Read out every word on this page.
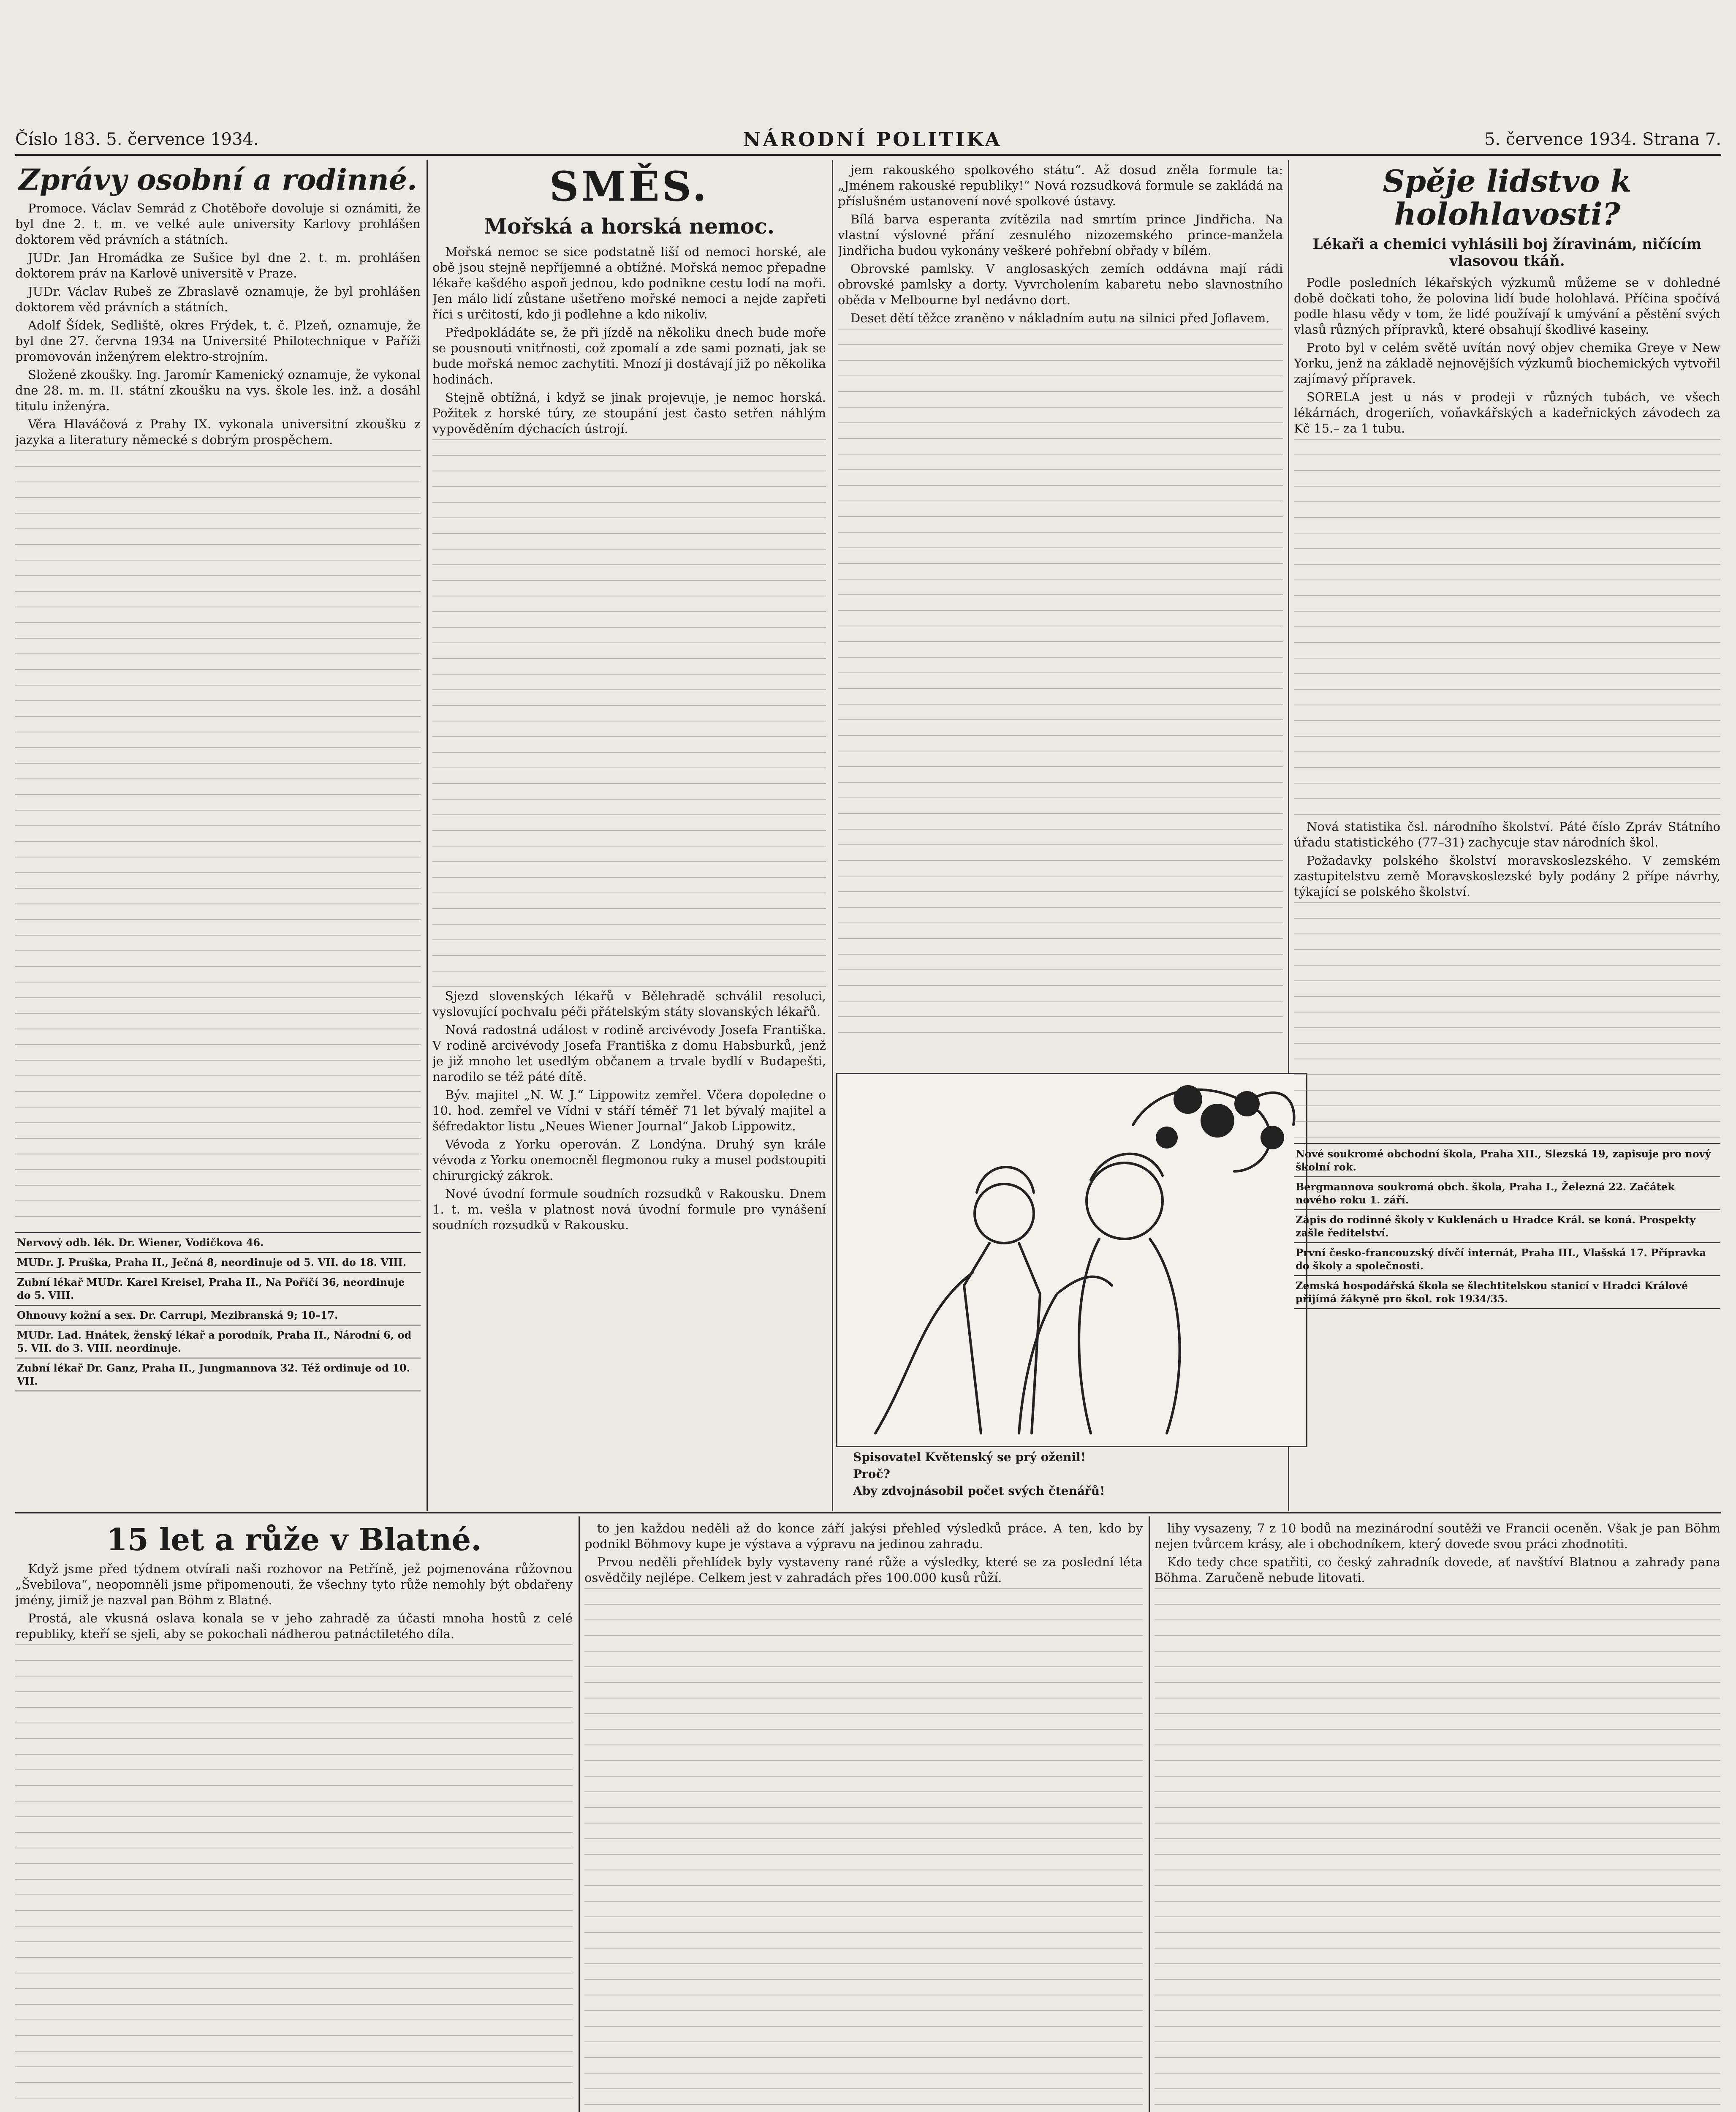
Číslo 183. 5. července 1934.	NÁRODNÍ POLITIKA	5. července 1934. Strana 7.
Zprávy osobní a rodinné.

Promoce. Václav Semrád z Chotěboře dovoluje si oznámiti, že byl dne 2. t. m. ve velké aule university Karlovy prohlášen doktorem věd právních a státních.

JUDr. Jan Hromádka ze Sušice byl dne 2. t. m. prohlášen doktorem práv na Karlově universitě v Praze.

JUDr. Václav Rubeš ze Zbraslavě oznamuje, že byl prohlášen doktorem věd právních a státních.

Adolf Šídek, Sedliště, okres Frýdek, t. č. Plzeň, oznamuje, že byl dne 27. června 1934 na Université Philotechnique v Paříži promovován inženýrem elektro-strojním.

Složené zkoušky. Ing. Jaromír Kamenický oznamuje, že vykonal dne 28. m. m. II. státní zkoušku na vys. škole les. inž. a dosáhl titulu inženýra.

Věra Hlaváčová z Prahy IX. vykonala universitní zkoušku z jazyka a literatury německé s dobrým prospěchem.

Nervový odb. lék. Dr. Wiener, Vodičkova 46.
MUDr. J. Pruška, Praha II., Ječná 8, neordinuje od 5. VII. do 18. VIII.
Zubní lékař MUDr. Karel Kreisel, Praha II., Na Poříčí 36, neordinuje do 5. VIII.
Ohnouvy kožní a sex. Dr. Carrupi, Mezibranská 9; 10–17.
MUDr. Lad. Hnátek, ženský lékař a porodník, Praha II., Národní 6, od 5. VII. do 3. VIII. neordinuje.
Zubní lékař Dr. Ganz, Praha II., Jungmannova 32. Též ordinuje od 10. VII.
SMĚS.
Mořská a horská nemoc.

Mořská nemoc se sice podstatně liší od nemoci horské, ale obě jsou stejně nepříjemné a obtížné. Mořská nemoc přepadne lékaře kašdého aspoň jednou, kdo podnikne cestu lodí na moři. Jen málo lidí zůstane ušetřeno mořské nemoci a nejde zapřeti říci s určitostí, kdo ji podlehne a kdo nikoliv.

Předpokládáte se, že při jízdě na několiku dnech bude moře se pousnouti vnitřnosti, což zpomalí a zde sami poznati, jak se bude mořská nemoc zachytiti. Mnozí ji dostávají již po několika hodinách.

Stejně obtížná, i když se jinak projevuje, je nemoc horská. Požitek z horské túry, ze stoupání jest často setřen náhlým vypověděním dýchacích ústrojí.

Sjezd slovenských lékařů v Bělehradě schválil resoluci, vyslovující pochvalu péči přátelským státy slovanských lékařů.

Nová radostná událost v rodině arcivévody Josefa Františka. V rodině arcivévody Josefa Františka z domu Habsburků, jenž je již mnoho let usedlým občanem a trvale bydlí v Budapešti, narodilo se též páté dítě.

Býv. majitel „N. W. J.“ Lippowitz zemřel. Včera dopoledne o 10. hod. zemřel ve Vídni v stáří téměř 71 let bývalý majitel a šéfredaktor listu „Neues Wiener Journal“ Jakob Lippowitz.

Vévoda z Yorku operován. Z Londýna. Druhý syn krále vévoda z Yorku onemocněl flegmonou ruky a musel podstoupiti chirurgický zákrok.

Nové úvodní formule soudních rozsudků v Rakousku. Dnem 1. t. m. vešla v platnost nová úvodní formule pro vynášení soudních rozsudků v Rakousku.

jem rakouského spolkového státu“. Až dosud zněla formule ta: „Jménem rakouské republiky!“ Nová rozsudková formule se zakládá na příslušném ustanovení nové spolkové ústavy.

Bílá barva esperanta zvítězila nad smrtím prince Jindřicha. Na vlastní výslovné přání zesnulého nizozemského prince-manžela Jindřicha budou vykonány veškeré pohřební obřady v bílém.

Obrovské pamlsky. V anglosaských zemích oddávna mají rádi obrovské pamlsky a dorty. Vyvrcholením kabaretu nebo slavnostního oběda v Melbourne byl nedávno dort.

Deset dětí těžce zraněno v nákladním autu na silnici před Joflavem.

Spisovatel Květenský se prý oženil!
Proč?
Aby zdvojnásobil počet svých čtenářů!
Spěje lidstvo k holohlavosti?
Lékaři a chemici vyhlásili boj žíravinám, ničícím vlasovou tkáň.

Podle posledních lékařských výzkumů můžeme se v dohledné době dočkati toho, že polovina lidí bude holohlavá. Příčina spočívá podle hlasu vědy v tom, že lidé používají k umývání a pěstění svých vlasů různých přípravků, které obsahují škodlivé kaseiny.

Proto byl v celém světě uvítán nový objev chemika Greye v New Yorku, jenž na základě nejnovějších výzkumů biochemických vytvořil zajímavý přípravek.

SORELA jest u nás v prodeji v různých tubách, ve všech lékárnách, drogeriích, voňavkářských a kadeřnických závodech za Kč 15.– za 1 tubu.

Nová statistika čsl. národního školství. Páté číslo Zpráv Státního úřadu statistického (77–31) zachycuje stav národních škol.

Požadavky polského školství moravskoslezského. V zemském zastupitelstvu země Moravskoslezské byly podány 2 přípe návrhy, týkající se polského školství.

Nové soukromé obchodní škola, Praha XII., Slezská 19, zapisuje pro nový školní rok.
Bergmannova soukromá obch. škola, Praha I., Železná 22. Začátek nového roku 1. září.
Zápis do rodinné školy v Kuklenách u Hradce Král. se koná. Prospekty zašle ředitelství.
První česko-francouzský dívčí internát, Praha III., Vlašská 17. Přípravka do školy a společnosti.
Zemská hospodářská škola se šlechtitelskou stanicí v Hradci Králové přijímá žákyně pro škol. rok 1934/35.
15 let a růže v Blatné.

Když jsme před týdnem otvírali naši rozhovor na Petříně, jež pojmenována růžovnou „Švebilova“, neopomněli jsme připomenouti, že všechny tyto růže nemohly být obdařeny jmény, jimiž je nazval pan Böhm z Blatné.

Prostá, ale vkusná oslava konala se v jeho zahradě za účasti mnoha hostů z celé republiky, kteří se sjeli, aby se pokochali nádherou patnáctiletého díla.

to jen každou neděli až do konce září jakýsi přehled výsledků práce. A ten, kdo by podnikl Böhmovy kupe je výstava a výpravu na jedinou zahradu.

Prvou neděli přehlídek byly vystaveny rané růže a výsledky, které se za poslední léta osvědčily nejlépe. Celkem jest v zahradách přes 100.000 kusů růží.

lihy vysazeny, 7 z 10 bodů na mezinárodní soutěži ve Francii oceněn. Však je pan Böhm nejen tvůrcem krásy, ale i obchodníkem, který dovede svou práci zhodnotiti.

Kdo tedy chce spatřiti, co český zahradník dovede, ať navštíví Blatnou a zahrady pana Böhma. Zaručeně nebude litovati.
